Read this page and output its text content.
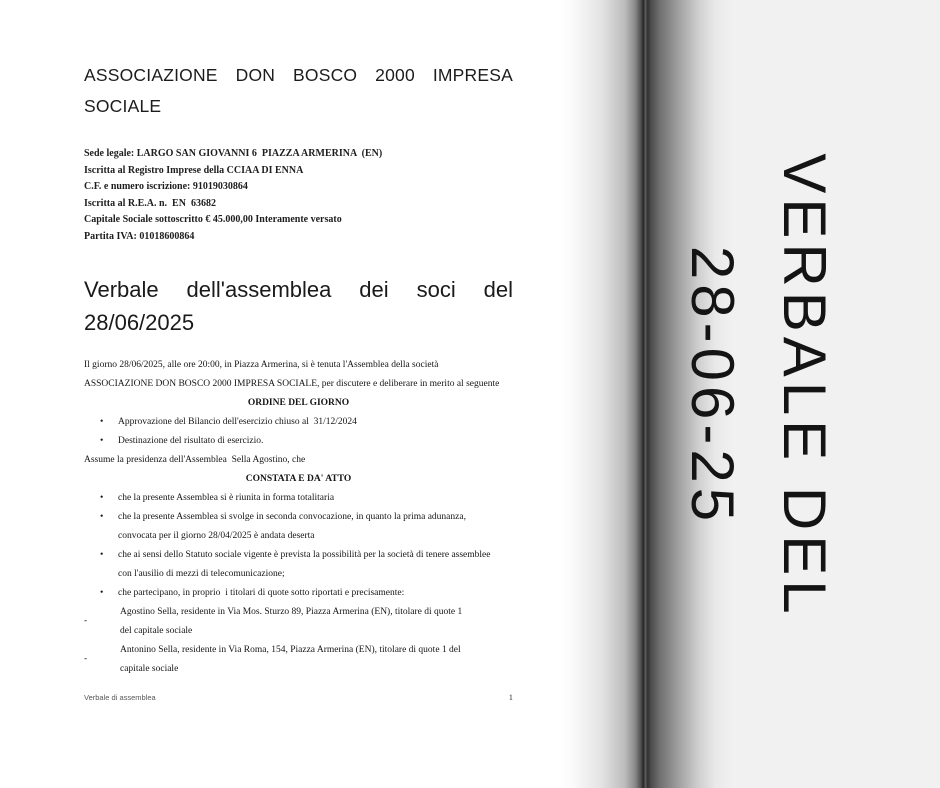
ASSOCIAZIONE DON BOSCO 2000 IMPRESA
SOCIALE
Sede legale: LARGO SAN GIOVANNI 6  PIAZZA ARMERINA  (EN)
Iscritta al Registro Imprese della CCIAA DI ENNA
C.F. e numero iscrizione: 91019030864
Iscritta al R.E.A. n.  EN  63682
Capitale Sociale sottoscritto € 45.000,00 Interamente versato
Partita IVA: 01018600864
Verbale dell'assemblea dei soci del
28/06/2025
Il giorno 28/06/2025, alle ore 20:00, in Piazza Armerina, si è tenuta l'Assemblea della società
ASSOCIAZIONE DON BOSCO 2000 IMPRESA SOCIALE, per discutere e deliberare in merito al seguente
ORDINE DEL GIORNO
• Approvazione del Bilancio dell'esercizio chiuso al  31/12/2024
• Destinazione del risultato di esercizio.
Assume la presidenza dell'Assemblea  Sella Agostino, che
CONSTATA E DA' ATTO
• che la presente Assemblea si è riunita in forma totalitaria
• che la presente Assemblea si svolge in seconda convocazione, in quanto la prima adunanza,
convocata per il giorno 28/04/2025 è andata deserta
• che ai sensi dello Statuto sociale vigente è prevista la possibilità per la società di tenere assemblee
con l'ausilio di mezzi di telecomunicazione;
• che partecipano, in proprio  i titolari di quote sotto riportati e precisamente:
-
Agostino Sella, residente in Via Mos. Sturzo 89, Piazza Armerina (EN), titolare di quote 1
del capitale sociale
-
Antonino Sella, residente in Via Roma, 154, Piazza Armerina (EN), titolare di quote 1 del
capitale sociale
Verbale di assemblea	1
VERBALE DEL
28-06-25
